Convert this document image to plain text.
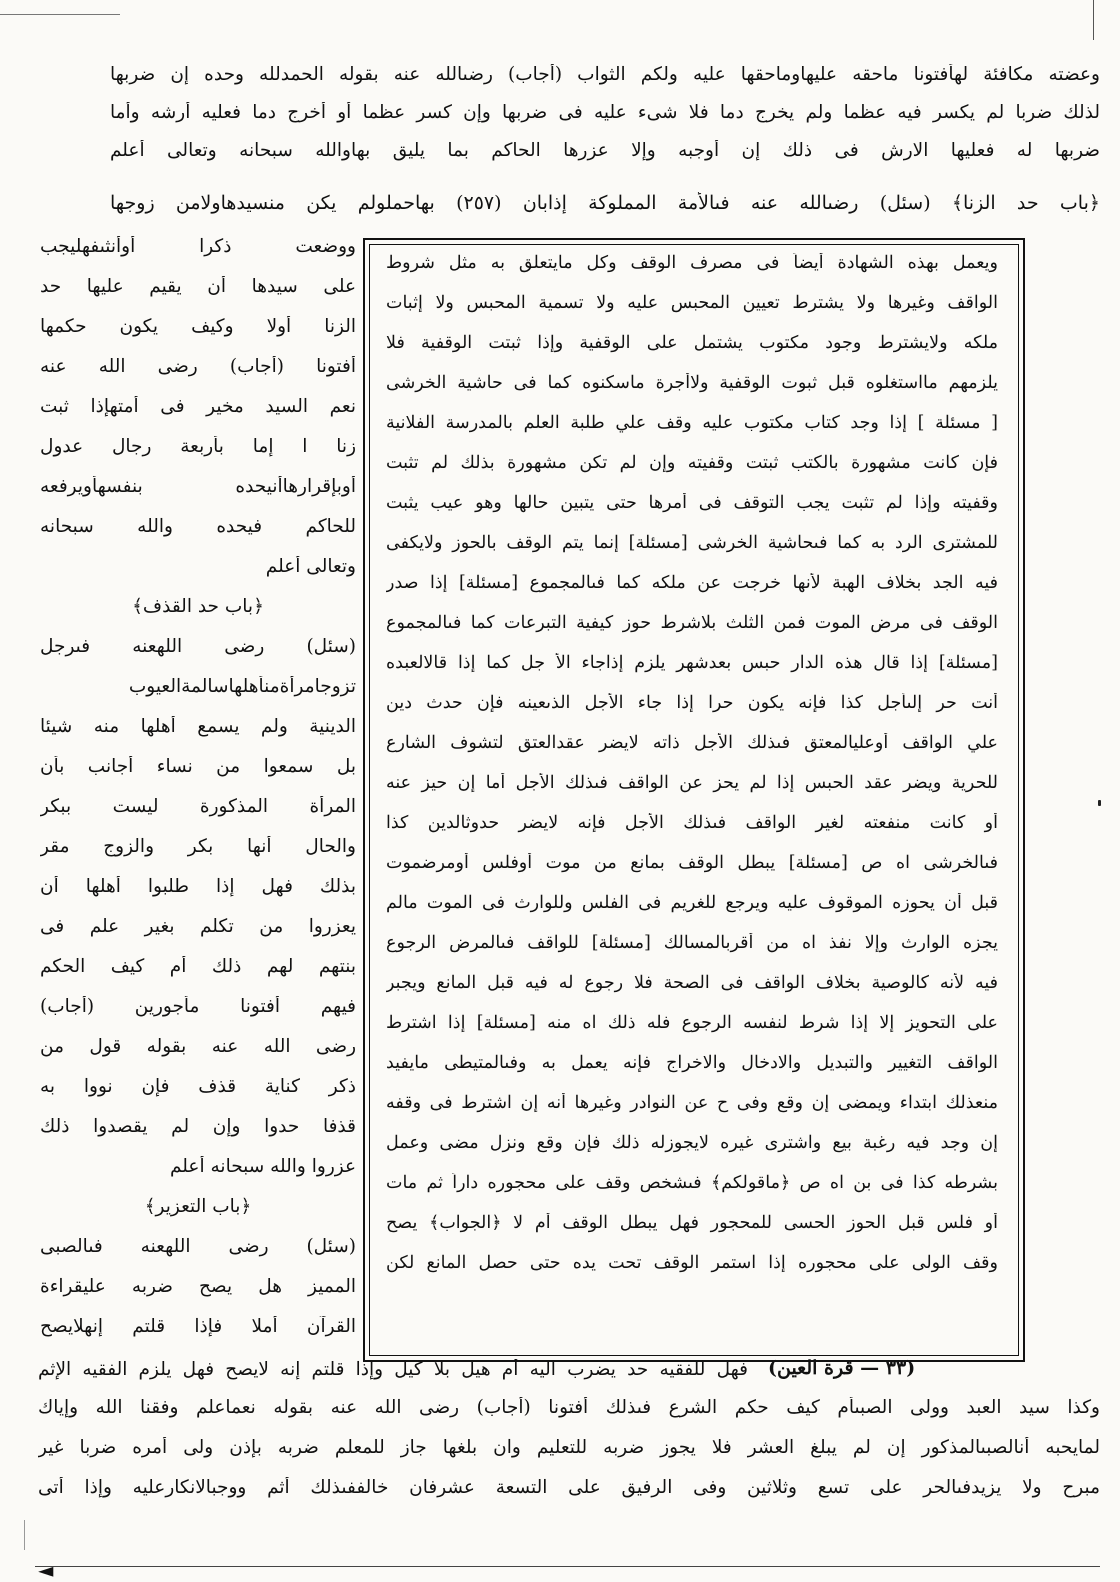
وعضته مكافئة لهأفتونا ماحقه عليهاوماحقها عليه ولكم الثواب (أجاب) رضىالله عنه بقوله الحمدلله وحده إن ضربها
لذلك ضربا لم يكسر فيه عظما ولم يخرج دما فلا شىء عليه فى ضربها وإن كسر عظما أو أخرج دما فعليه أرشه وأما
ضربها له فعليها الارش فى ذلك إن أوجبه وإلا عزرها الحاكم بما يليق بهاوالله سبحانه وتعالى أعلم
﴿باب حد الزنا﴾ (سئل) رضىالله عنه فىالأمة المملوكة إذابان (٢٥٧) بهاحملولم يكن منسيدهاولامن زوجها
ويعمل بهذه الشهادة أيضاً فى مصرف الوقف وكل مايتعلق به مثل شروط
الواقف وغيرها ولا يشترط تعيين المحبس عليه ولا تسمية المحبس ولا إثبات
ملكه ولايشترط وجود مكتوب يشتمل على الوقفية وإذا ثبتت الوقفية فلا
يلزمهم مااستغلوه قبل ثبوت الوقفية ولاأجرة ماسكنوه كما فى حاشية الخرشى
[ مسئلة ] إذا وجد كتاب مكتوب عليه وقف علي طلبة العلم بالمدرسة الفلانية
فإن كانت مشهورة بالكتب ثبتت وقفيته وإن لم تكن مشهورة بذلك لم تثبت
وقفيته وإذا لم تثبت يجب التوقف فى أمرها حتى يتبين حالها وهو عيب يثبت
للمشترى الرد به كما فىحاشية الخرشى [مسئلة] إنما يتم الوقف بالحوز ولايكفى
فيه الجد بخلاف الهبة لأنها خرجت عن ملكه كما فىالمجموع [مسئلة] إذا صدر
الوقف فى مرض الموت فمن الثلث بلاشرط حوز كيفية التبرعات كما فىالمجموع
[مسئلة] إذا قال هذه الدار حبس بعدشهر يلزم إذاجاء الأ جل كما إذا قالالعبده
أنت حر إلىأجل كذا فإنه يكون حرا إذا جاء الأجل الذىعينه فإن حدث دين
علي الواقف أوعليالمعتق فىذلك الأجل ذاته لايضر عقدالعتق لتشوف الشارع
للحرية ويضر عقد الحبس إذا لم يحز عن الواقف فىذلك الأجل أما إن حيز عنه
أو كانت منفعته لغير الواقف فىذلك الأجل فإنه لايضر حدوثالدين كذا
فىالخرشى اه ص [مسئلة] يبطل الوقف بمانع من موت أوفلس أومرضموت
قبل أن يحوزه الموقوف عليه ويرجع للغريم فى الفلس وللوارث فى الموت مالم
يجزه الوارث وإلا نفذ اه من أقربالمسالك [مسئلة] للواقف فىالمرض الرجوع
فيه لأنه كالوصية بخلاف الواقف فى الصحة فلا رجوع له فيه قبل المانع ويجبر
على التحويز إلا إذا شرط لنفسه الرجوع فله ذلك اه منه [مسئلة] إذا اشترط
الواقف التغيير والتبديل والادخال والاخراج فإنه يعمل به وفىالمتيطى مايفيد
منعذلك ابتداء ويمضى إن وقع وفى ح عن النوادر وغيرها أنه إن اشترط فى وقفه
إن وجد فيه رغبة بيع واشترى غيره لايجوزله ذلك فإن وقع ونزل مضى وعمل
بشرطه كذا فى بن اه ص ﴿ماقولكم﴾ فىشخص وقف على محجوره داراً ثم مات
أو فلس قبل الحوز الحسى للمحجور فهل يبطل الوقف أم لا ﴿الجواب﴾ يصح
وقف الولى على محجوره إذا استمر الوقف تحت يده حتى حصل المانع لكن
ووضعت ذكرا أوأنثىفهليجب
على سيدها أن يقيم عليها حد
الزنا أولا وكيف يكون حكمها
أفتونا (أجاب) رضى الله عنه
نعم السيد مخير فى أمتهإذا ثبت
زنا ا إما بأربعة رجال عدول
أوبإقرارهاأنيحده بنفسهأويرفعه
للحاكم فيحده والله سبحانه
وتعالى أعلم
﴿باب حد القذف﴾
(سئل) رضى اللهعنه فىرجل
تزوجامرأةمنأهلهاسالمةالعيوب
الدينية ولم يسمع أهلها منه شيئا
بل سمعوا من نساء أجانب بأن
المرأة المذكورة ليست ببكر
والحال أنها بكر والزوج مقر
بذلك فهل إذا طلبوا أهلها أن
يعزروا من تكلم بغير علم فى
بنتهم لهم ذلك أم كيف الحكم
فيهم أفتونا مأجورين (أجاب)
رضى الله عنه بقوله قول من
ذكر كناية قذف فإن نووا به
قذفا حدوا وإن لم يقصدوا ذلك
عزروا والله سبحانه أعلم
﴿باب التعزير﴾
(سئل) رضى اللهعنه فىالصبى
المميز هل يصح ضربه عليقراءة
القرآن أملا فإذا قلتم إنهلايصح
(٣٣ — قرة العين)
فهل للفقيه حد يضرب اليه أم هيل بلا كيل وإذا قلتم إنه لايصح فهل يلزم الفقيه الإثم
وكذا سيد العبد وولى الصبىأم كيف حكم الشرع فىذلك أفتونا (أجاب) رضى الله عنه بقوله نعماعلم وفقنا الله وإياك
لمايحبه أنالصبىالمذكور إن لم يبلغ العشر فلا يجوز ضربه للتعليم وان بلغها جاز للمعلم ضربه بإذن ولى أمره ضربا غير
مبرح ولا يزيدفىالحر على تسع وثلاثين وفى الرفيق على التسعة عشرفان خالففىذلك أثم ووجبالانكارعليه وإذا أتى
◄
